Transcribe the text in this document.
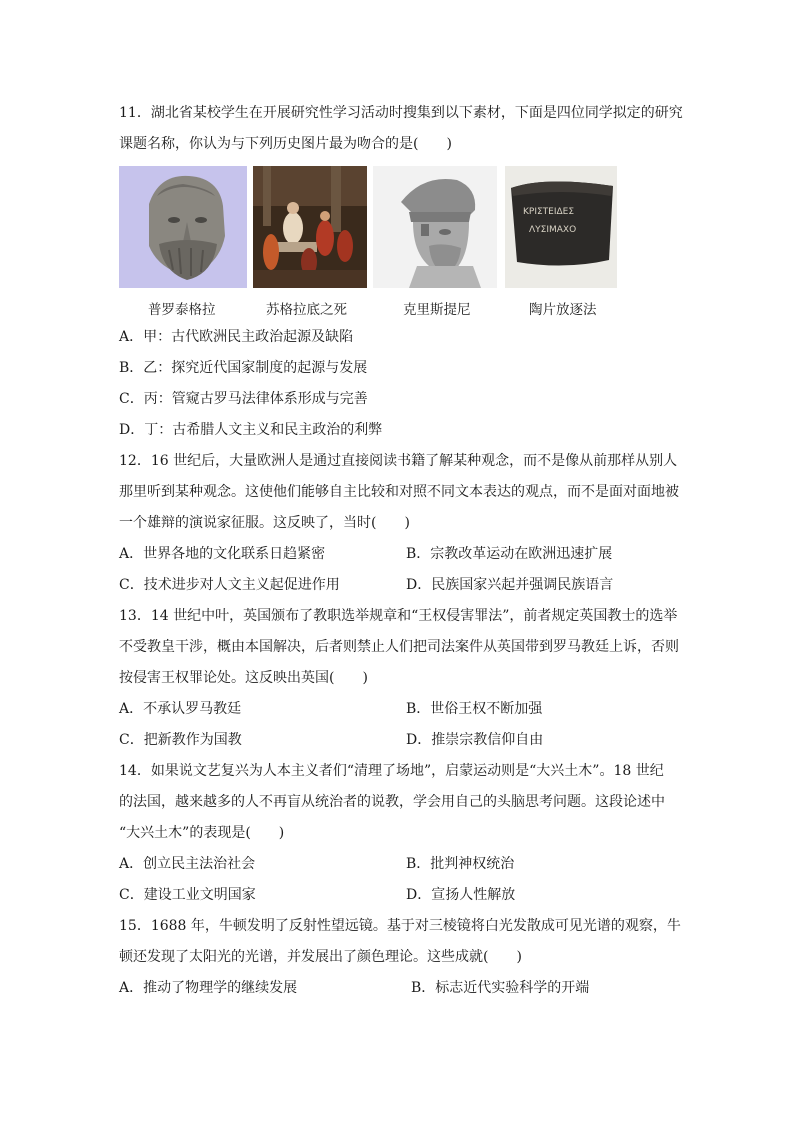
11．湖北省某校学生在开展研究性学习活动时搜集到以下素材，下面是四位同学拟定的研究
课题名称，你认为与下列历史图片最为吻合的是(　　)
ΚΡΙΣΤΕΙΔΕΣ
ΛΥΣΙΜΑΧΟ
普罗泰格拉	苏格拉底之死	克里斯提尼	陶片放逐法
A．甲：古代欧洲民主政治起源及缺陷
B．乙：探究近代国家制度的起源与发展
C．丙：管窥古罗马法律体系形成与完善
D．丁：古希腊人文主义和民主政治的利弊
12．16 世纪后，大量欧洲人是通过直接阅读书籍了解某种观念，而不是像从前那样从别人
那里听到某种观念。这使他们能够自主比较和对照不同文本表达的观点，而不是面对面地被
一个雄辩的演说家征服。这反映了，当时(　　)
A．世界各地的文化联系日趋紧密	B．宗教改革运动在欧洲迅速扩展
C．技术进步对人文主义起促进作用	D．民族国家兴起并强调民族语言
13．14 世纪中叶，英国颁布了教职选举规章和“王权侵害罪法”，前者规定英国教士的选举
不受教皇干涉，概由本国解决，后者则禁止人们把司法案件从英国带到罗马教廷上诉，否则
按侵害王权罪论处。这反映出英国(　　)
A．不承认罗马教廷	B．世俗王权不断加强
C．把新教作为国教	D．推崇宗教信仰自由
14．如果说文艺复兴为人本主义者们“清理了场地”，启蒙运动则是“大兴土木”。18 世纪
的法国，越来越多的人不再盲从统治者的说教，学会用自己的头脑思考问题。这段论述中
“大兴土木”的表现是(　　)
A．创立民主法治社会	B．批判神权统治
C．建设工业文明国家	D．宣扬人性解放
15．1688 年，牛顿发明了反射性望远镜。基于对三棱镜将白光发散成可见光谱的观察，牛
顿还发现了太阳光的光谱，并发展出了颜色理论。这些成就(　　)
A．推动了物理学的继续发展	B．标志近代实验科学的开端
